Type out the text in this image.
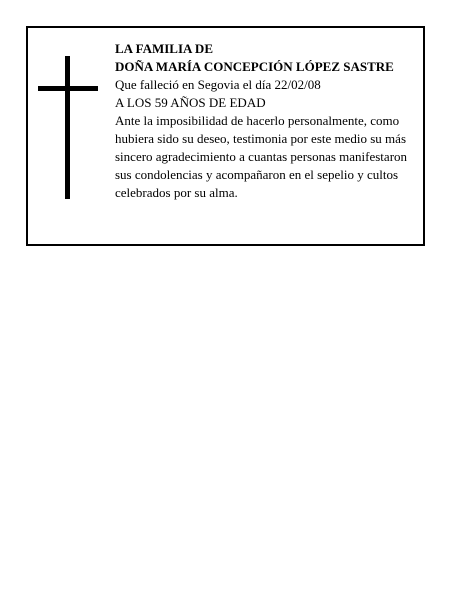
LA FAMILIA DE
DOÑA MARÍA CONCEPCIÓN LÓPEZ SASTRE
Que falleció en Segovia el día 22/02/08
A LOS 59 AÑOS DE EDAD
Ante la imposibilidad de hacerlo personalmente, como hubiera sido su deseo, testimonia por este medio su más sincero agradecimiento a cuantas personas manifestaron sus condolencias y acompañaron en el sepelio y cultos celebrados por su alma.
